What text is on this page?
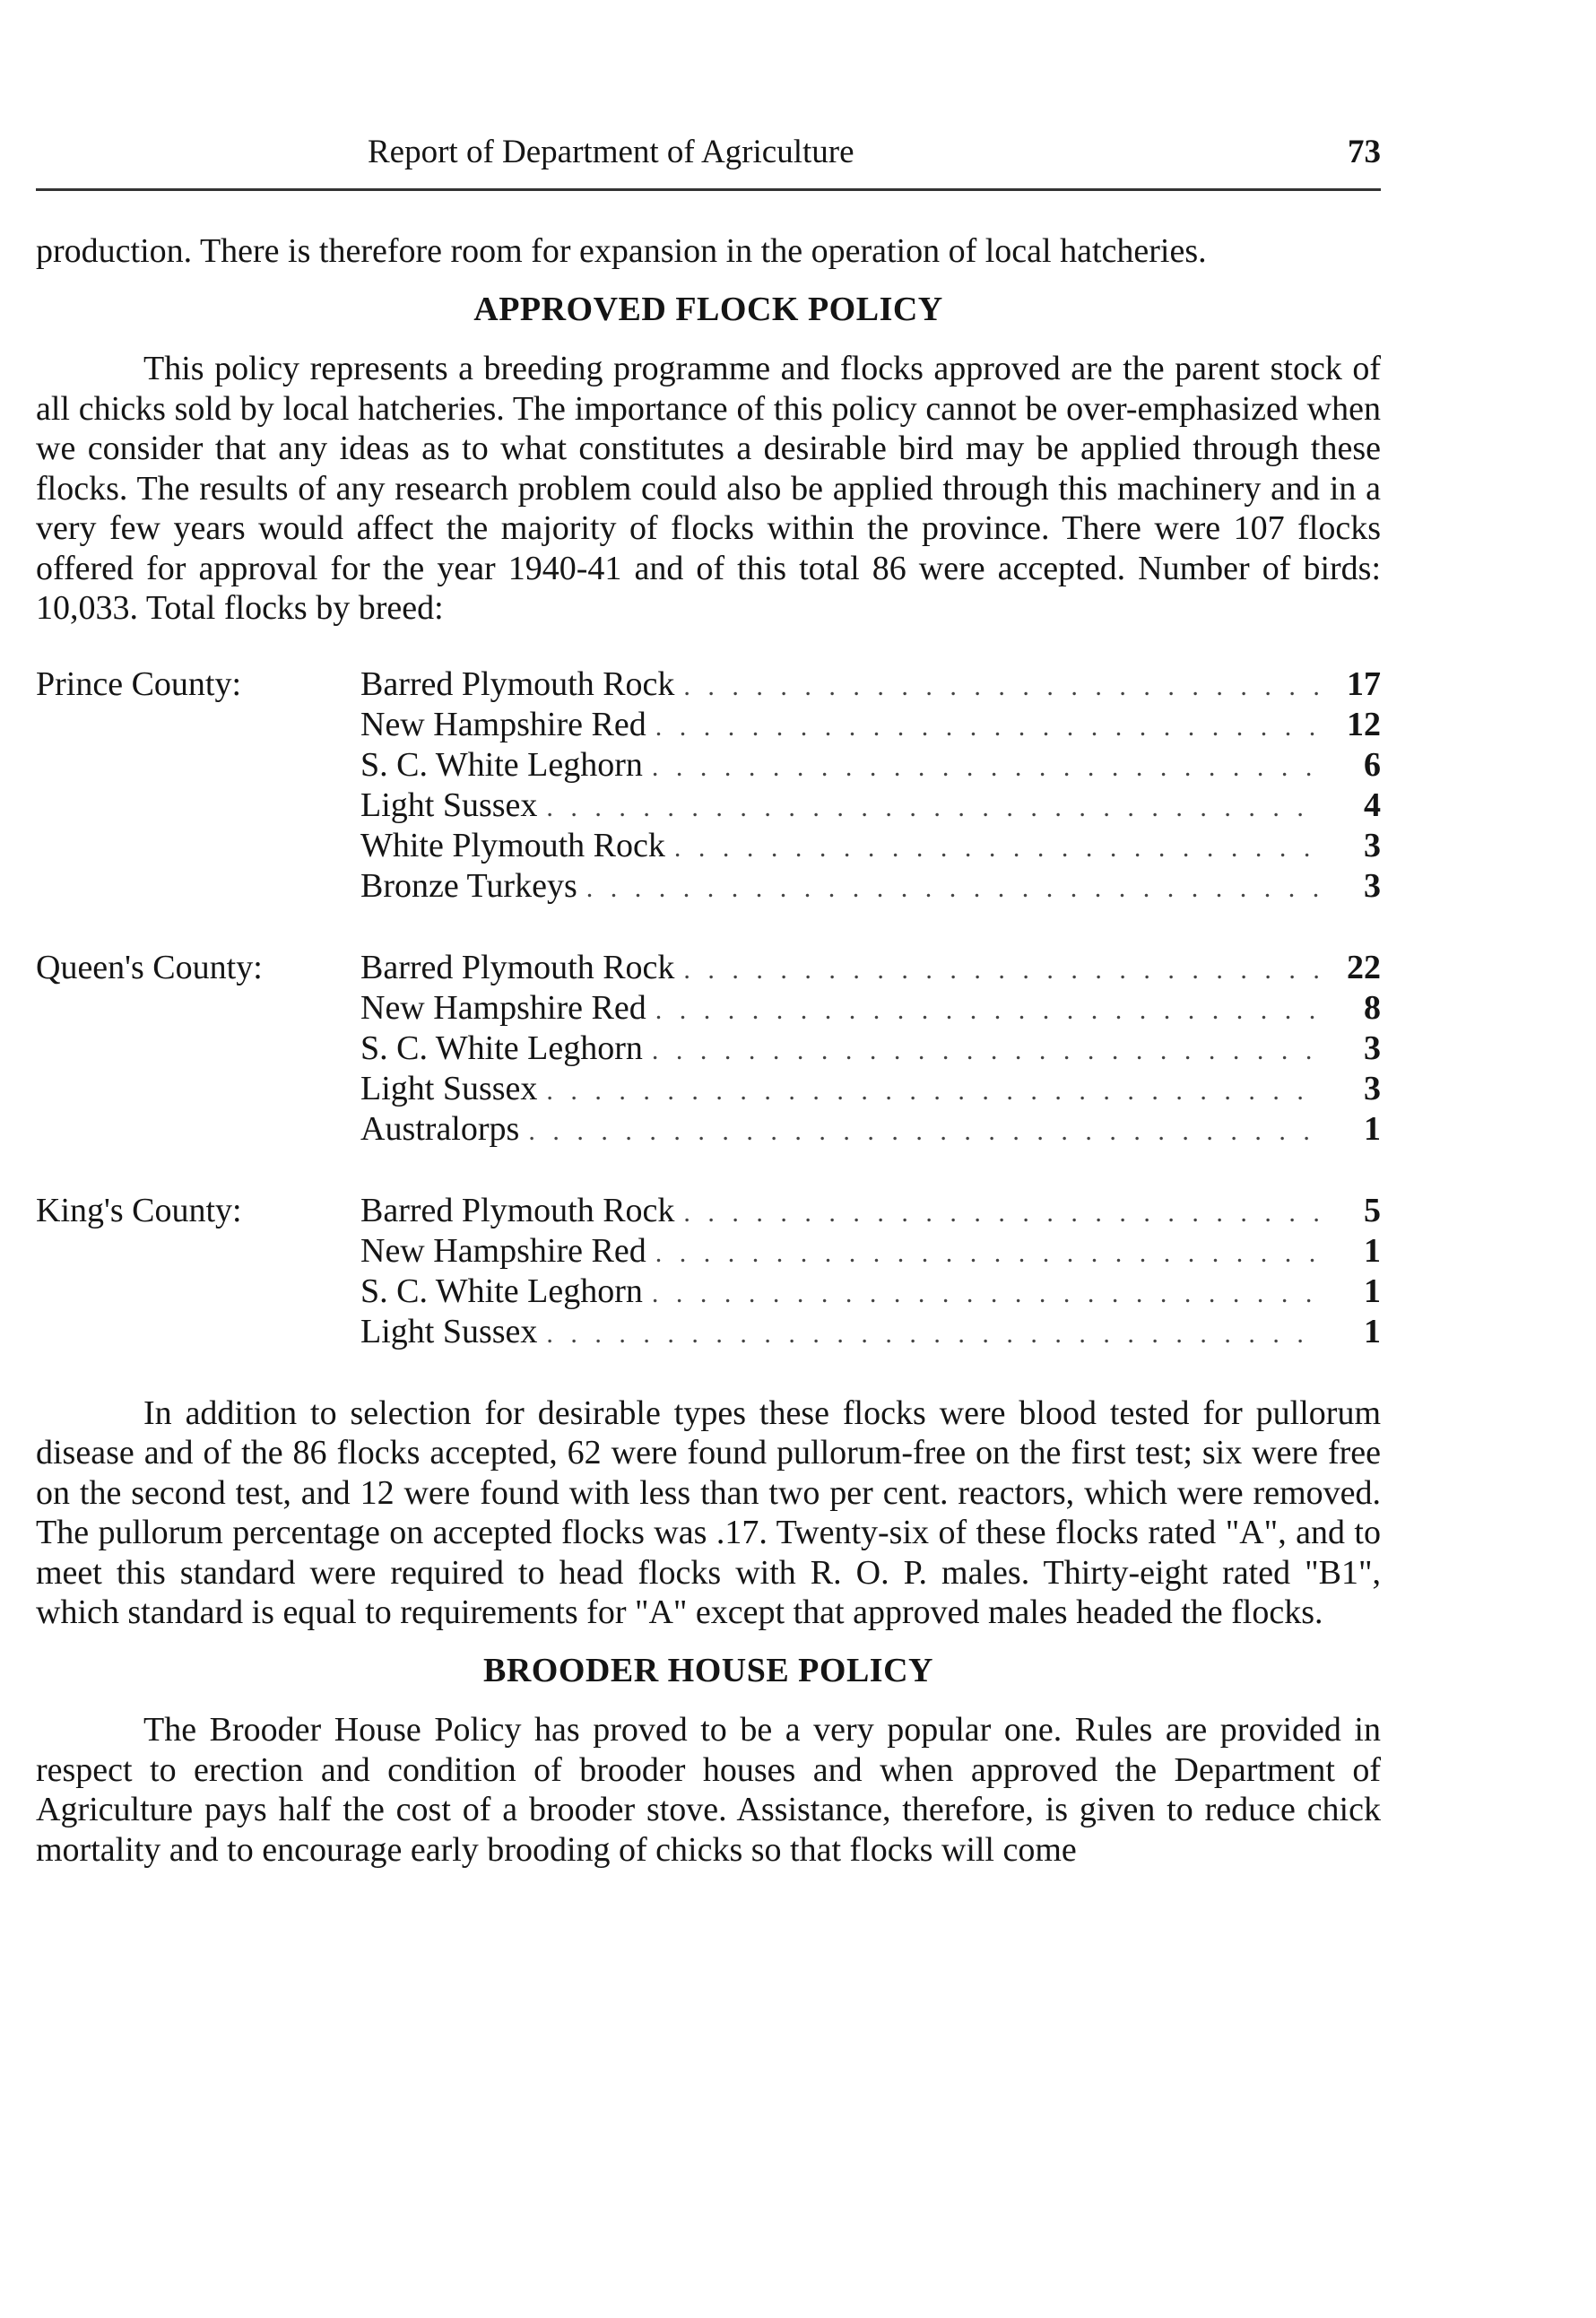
Report of Department of Agriculture	73

production. There is therefore room for expansion in the operation of local hatcheries.

APPROVED FLOCK POLICY

This policy represents a breeding programme and flocks approved are the parent stock of all chicks sold by local hatcheries. The importance of this policy cannot be over-emphasized when we consider that any ideas as to what constitutes a desirable bird may be applied through these flocks. The results of any research problem could also be applied through this machinery and in a very few years would affect the majority of flocks within the province. There were 107 flocks offered for approval for the year 1940-41 and of this total 86 were accepted. Number of birds: 10,033. Total flocks by breed:

Prince County:	Barred Plymouth Rock . . .	17
New Hampshire Red . . .	12
S. C. White Leghorn . . .	6
Light Sussex . . .	4
White Plymouth Rock . . .	3
Bronze Turkeys . . .	3
Queen's County:	Barred Plymouth Rock . . .	22
New Hampshire Red . . .	8
S. C. White Leghorn . . .	3
Light Sussex . . .	3
Australorps . . .	1
King's County:	Barred Plymouth Rock . . .	5
New Hampshire Red . . .	1
S. C. White Leghorn . . .	1
Light Sussex . . .	1

In addition to selection for desirable types these flocks were blood tested for pullorum disease and of the 86 flocks accepted, 62 were found pullorum-free on the first test; six were free on the second test, and 12 were found with less than two per cent. reactors, which were removed. The pullorum percentage on accepted flocks was .17. Twenty-six of these flocks rated "A", and to meet this standard were required to head flocks with R. O. P. males. Thirty-eight rated "B1", which standard is equal to requirements for "A" except that approved males headed the flocks.

BROODER HOUSE POLICY

The Brooder House Policy has proved to be a very popular one. Rules are provided in respect to erection and condition of brooder houses and when approved the Department of Agriculture pays half the cost of a brooder stove. Assistance, therefore, is given to reduce chick mortality and to encourage early brooding of chicks so that flocks will come
